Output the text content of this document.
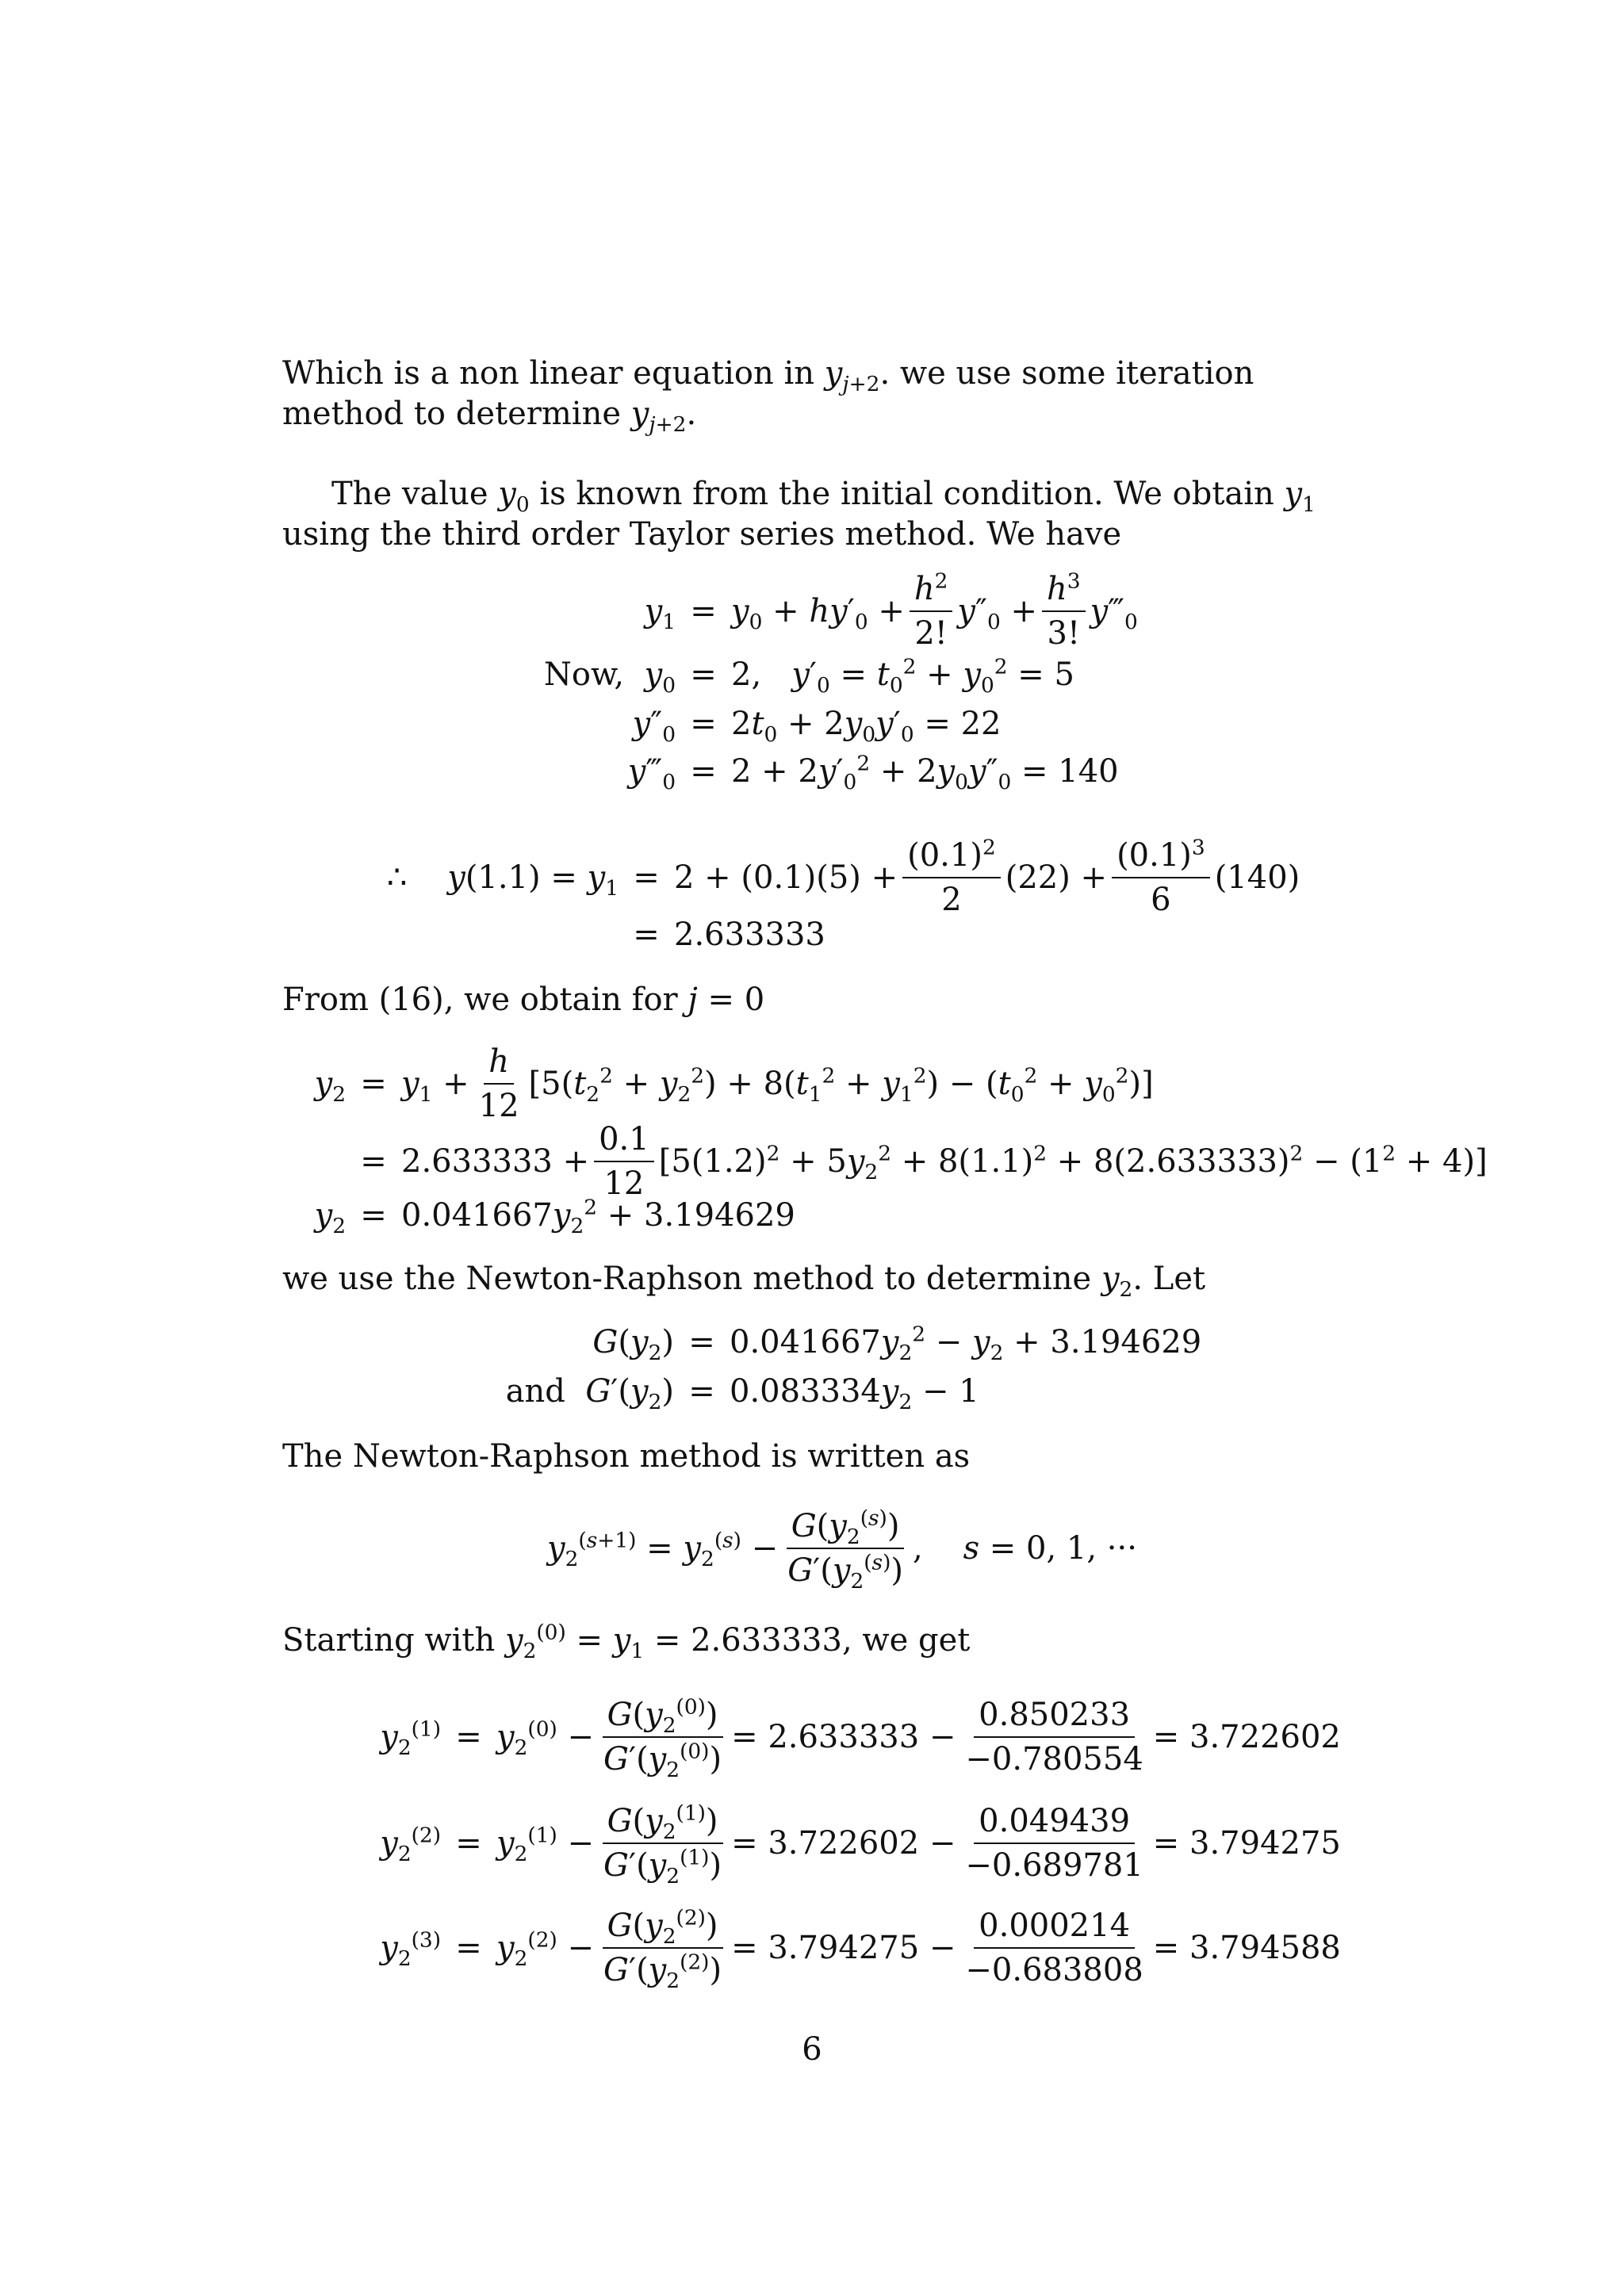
Which is a non linear equation in $y_{j+2}$. we use some iteration method to determine $y_{j+2}$.
The value $y_0$ is known from the initial condition. We obtain $y_1$ using the third order Taylor series method. We have
$y_1 = y_0 + hy'_0 + \frac{h^2}{2!} y''_0 + \frac{h^3}{3!}$ $y‴_0$
Now, $y_0 = 2$,   $y'_0 = t_0^2 + y_0^2 = 5$
$y''_0 = 2t_0 + 2y_0y'_0 = 22$
$y‴_0 = 2 + 2y'_0^2 + 2y_0y''_0 = 140$
∴    $y(1.1) = y_1 = 2 + (0.1)(5) + \frac{(0.1)^2}{2} (22) + \frac{(0.1)^3}{6} (140)$
= 2.633333
From (16), we obtain for j = 0
$y_2 = y_1 + \frac{h}{12} [5(t_2^2 + y_2^2) + 8(t_1^2 + y_1^2) - (t_0^2 + y_0^2)]$
= $2.633333 + \frac{0.1}{12} [5(1.2)^2 + 5y_2^2 + 8(1.1)^2 + 8(2.633333)^2 - (1^2 + 4)]$
$y_2 = 0.041667y_2^2 + 3.194629$
we use the Newton-Raphson method to determine $y_2$. Let
$G(y_2) = 0.041667y_2^2 - y_2 + 3.194629$
and $G'(y_2) = 0.083334y_2 - 1$
The Newton-Raphson method is written as
$y_2^{(s+1)} = y_2^{(s)} - \frac{G(y_2^{(s)})}{G'(y_2^{(s)})}$ ,    s = 0, 1, ···
Starting with $y_2^{(0)} = y_1 = 2.633333$, we get
$y_2^{(1)} = y_2^{(0)} - \frac{G(y_2^{(0)})}{G'(y_2^{(0)})} = 2.633333 - \frac{0.850233}{-0.780554} = 3.722602$
$y_2^{(2)} = y_2^{(1)} - \frac{G(y_2^{(1)})}{G'(y_2^{(1)})} = 3.722602 - \frac{0.049439}{-0.689781} = 3.794275$
$y_2^{(3)} = y_2^{(2)} - \frac{G(y_2^{(2)})}{G'(y_2^{(2)})} = 3.794275 - \frac{0.000214}{-0.683808} = 3.794588$
6
